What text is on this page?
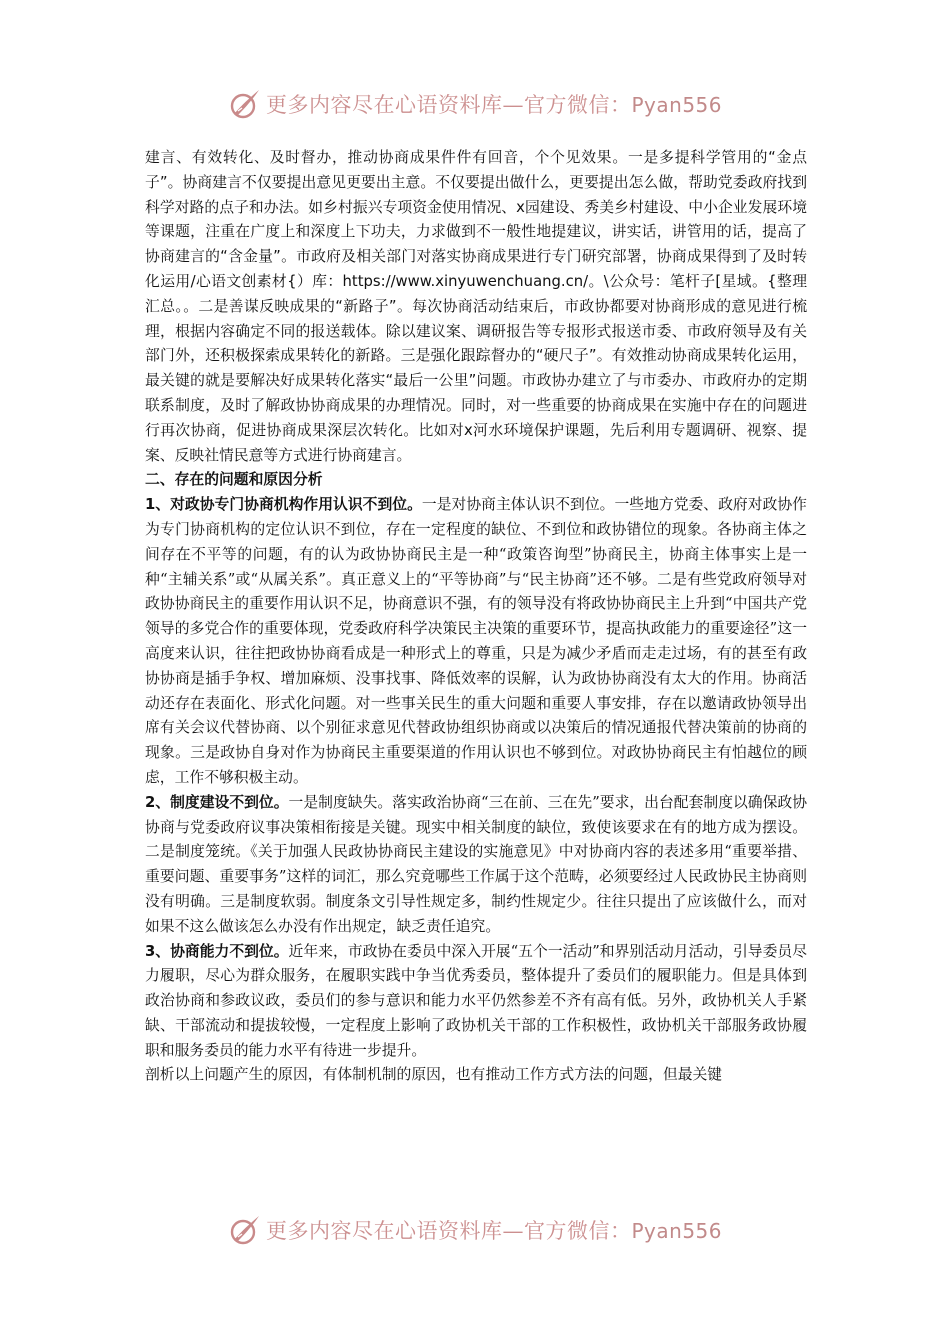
更多内容尽在心语资料库—官方微信：Pyan556

建言、有效转化、及时督办，推动协商成果件件有回音，个个见效果。一是多提科学管用的“金点子”。协商建言不仅要提出意见更要出主意。不仅要提出做什么，更要提出怎么做，帮助党委政府找到科学对路的点子和办法。如乡村振兴专项资金使用情况、x园建设、秀美乡村建设、中小企业发展环境等课题，注重在广度上和深度上下功夫，力求做到不一般性地提建议，讲实话，讲管用的话，提高了协商建言的“含金量”。市政府及相关部门对落实协商成果进行专门研究部署，协商成果得到了及时转化运用/心语文创素材{）库：https://www.xinyuwenchuang.cn/。\公众号：笔杆子[星域。{整理汇总。。二是善谋反映成果的“新路子”。每次协商活动结束后，市政协都要对协商形成的意见进行梳理，根据内容确定不同的报送载体。除以建议案、调研报告等专报形式报送市委、市政府领导及有关部门外，还积极探索成果转化的新路。三是强化跟踪督办的“硬尺子”。有效推动协商成果转化运用，最关键的就是要解决好成果转化落实“最后一公里”问题。市政协办建立了与市委办、市政府办的定期联系制度，及时了解政协协商成果的办理情况。同时，对一些重要的协商成果在实施中存在的问题进行再次协商，促进协商成果深层次转化。比如对x河水环境保护课题，先后利用专题调研、视察、提案、反映社情民意等方式进行协商建言。

二、存在的问题和原因分析

1、对政协专门协商机构作用认识不到位。一是对协商主体认识不到位。一些地方党委、政府对政协作为专门协商机构的定位认识不到位，存在一定程度的缺位、不到位和政协错位的现象。各协商主体之间存在不平等的问题，有的认为政协协商民主是一种“政策咨询型”协商民主，协商主体事实上是一种“主辅关系”或“从属关系”。真正意义上的“平等协商”与“民主协商”还不够。二是有些党政府领导对政协协商民主的重要作用认识不足，协商意识不强，有的领导没有将政协协商民主上升到“中国共产党领导的多党合作的重要体现，党委政府科学决策民主决策的重要环节，提高执政能力的重要途径”这一高度来认识，往往把政协协商看成是一种形式上的尊重，只是为减少矛盾而走走过场，有的甚至有政协协商是插手争权、增加麻烦、没事找事、降低效率的误解，认为政协协商没有太大的作用。协商活动还存在表面化、形式化问题。对一些事关民生的重大问题和重要人事安排，存在以邀请政协领导出席有关会议代替协商、以个别征求意见代替政协组织协商或以决策后的情况通报代替决策前的协商的现象。三是政协自身对作为协商民主重要渠道的作用认识也不够到位。对政协协商民主有怕越位的顾虑，工作不够积极主动。

2、制度建设不到位。一是制度缺失。落实政治协商“三在前、三在先”要求，出台配套制度以确保政协协商与党委政府议事决策相衔接是关键。现实中相关制度的缺位，致使该要求在有的地方成为摆设。二是制度笼统。《关于加强人民政协协商民主建设的实施意见》中对协商内容的表述多用“重要举措、重要问题、重要事务”这样的词汇，那么究竟哪些工作属于这个范畴，必须要经过人民政协民主协商则没有明确。三是制度软弱。制度条文引导性规定多，制约性规定少。往往只提出了应该做什么，而对如果不这么做该怎么办没有作出规定，缺乏责任追究。

3、协商能力不到位。近年来，市政协在委员中深入开展“五个一活动”和界别活动月活动，引导委员尽力履职，尽心为群众服务，在履职实践中争当优秀委员，整体提升了委员们的履职能力。但是具体到政治协商和参政议政，委员们的参与意识和能力水平仍然参差不齐有高有低。另外，政协机关人手紧缺、干部流动和提拔较慢，一定程度上影响了政协机关干部的工作积极性，政协机关干部服务政协履职和服务委员的能力水平有待进一步提升。

剖析以上问题产生的原因，有体制机制的原因，也有推动工作方式方法的问题，但最关键

更多内容尽在心语资料库—官方微信：Pyan556
